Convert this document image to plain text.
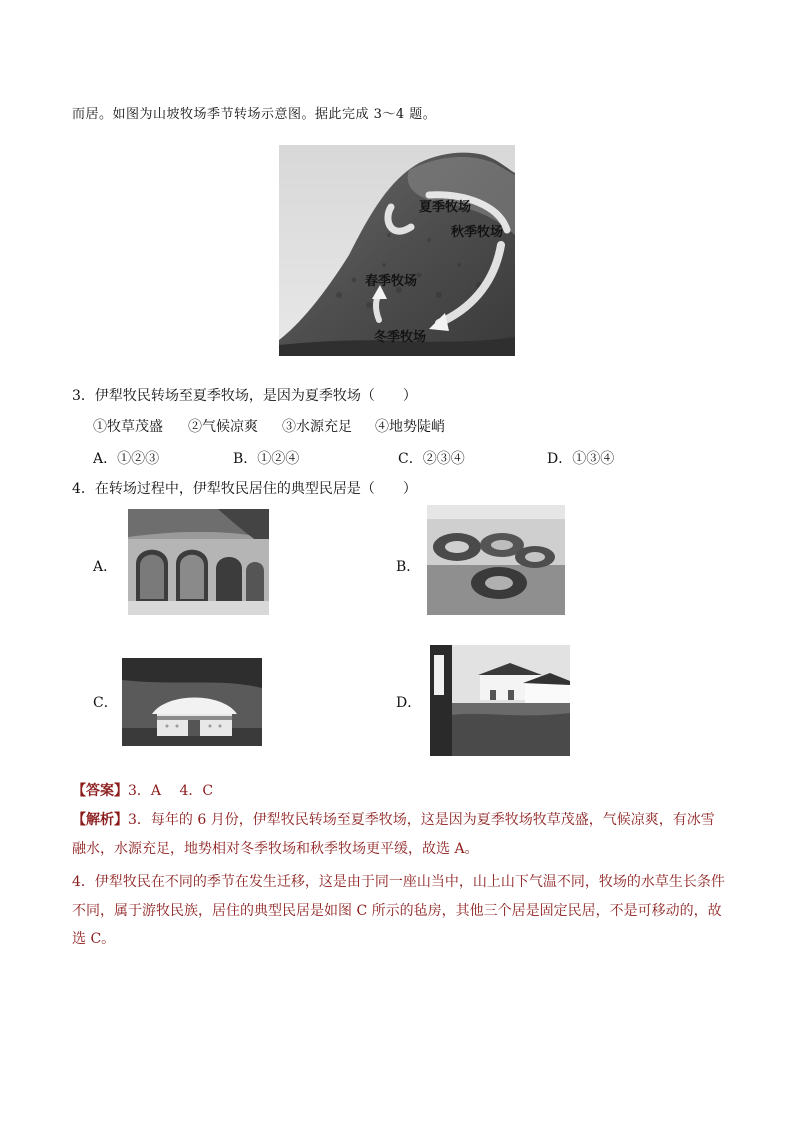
而居。如图为山坡牧场季节转场示意图。据此完成 3～4 题。
夏季牧场
秋季牧场
春季牧场
冬季牧场
3．伊犁牧民转场至夏季牧场，是因为夏季牧场（　　）
①牧草茂盛 ②气候凉爽 ③水源充足 ④地势陡峭
A．①②③	B．①②④	C．②③④	D．①③④
4．在转场过程中，伊犁牧民居住的典型民居是（　　）
A．	B．
C．	D．
【答案】3．A　 4．C
【解析】3．每年的 6 月份，伊犁牧民转场至夏季牧场，这是因为夏季牧场牧草茂盛，气候凉爽，有冰雪融水，水源充足，地势相对冬季牧场和秋季牧场更平缓，故选 A。
4．伊犁牧民在不同的季节在发生迁移，这是由于同一座山当中，山上山下气温不同，牧场的水草生长条件不同，属于游牧民族，居住的典型民居是如图 C 所示的毡房，其他三个居是固定民居，不是可移动的，故选 C。
